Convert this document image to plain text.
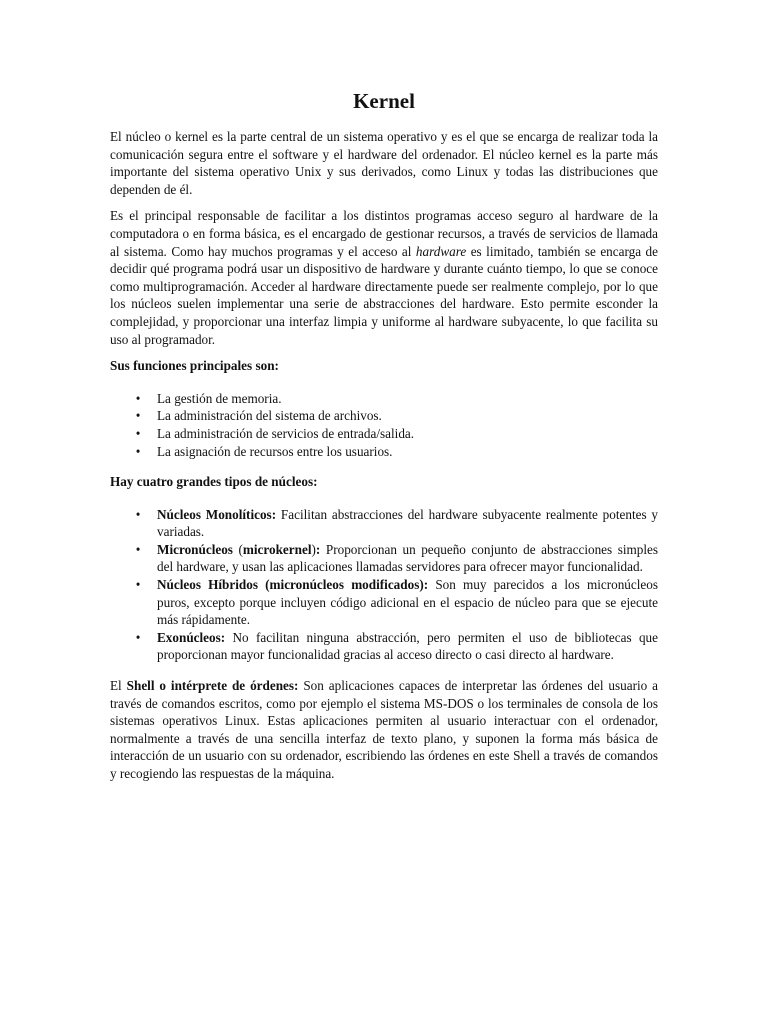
Kernel

El núcleo o kernel es la parte central de un sistema operativo y es el que se encarga de realizar toda la comunicación segura entre el software y el hardware del ordenador. El núcleo kernel es la parte más importante del sistema operativo Unix y sus derivados, como Linux y todas las distribuciones que dependen de él.

Es el principal responsable de facilitar a los distintos programas acceso seguro al hardware de la computadora o en forma básica, es el encargado de gestionar recursos, a través de servicios de llamada al sistema. Como hay muchos programas y el acceso al hardware es limitado, también se encarga de decidir qué programa podrá usar un dispositivo de hardware y durante cuánto tiempo, lo que se conoce como multiprogramación. Acceder al hardware directamente puede ser realmente complejo, por lo que los núcleos suelen implementar una serie de abstracciones del hardware. Esto permite esconder la complejidad, y proporcionar una interfaz limpia y uniforme al hardware subyacente, lo que facilita su uso al programador.

Sus funciones principales son:

• La gestión de memoria.
• La administración del sistema de archivos.
• La administración de servicios de entrada/salida.
• La asignación de recursos entre los usuarios.

Hay cuatro grandes tipos de núcleos:

• Núcleos Monolíticos: Facilitan abstracciones del hardware subyacente realmente potentes y variadas.
• Micronúcleos (microkernel): Proporcionan un pequeño conjunto de abstracciones simples del hardware, y usan las aplicaciones llamadas servidores para ofrecer mayor funcionalidad.
• Núcleos Híbridos (micronúcleos modificados): Son muy parecidos a los micronúcleos puros, excepto porque incluyen código adicional en el espacio de núcleo para que se ejecute más rápidamente.
• Exonúcleos: No facilitan ninguna abstracción, pero permiten el uso de bibliotecas que proporcionan mayor funcionalidad gracias al acceso directo o casi directo al hardware.

El Shell o intérprete de órdenes: Son aplicaciones capaces de interpretar las órdenes del usuario a través de comandos escritos, como por ejemplo el sistema MS-DOS o los terminales de consola de los sistemas operativos Linux. Estas aplicaciones permiten al usuario interactuar con el ordenador, normalmente a través de una sencilla interfaz de texto plano, y suponen la forma más básica de interacción de un usuario con su ordenador, escribiendo las órdenes en este Shell a través de comandos y recogiendo las respuestas de la máquina.
